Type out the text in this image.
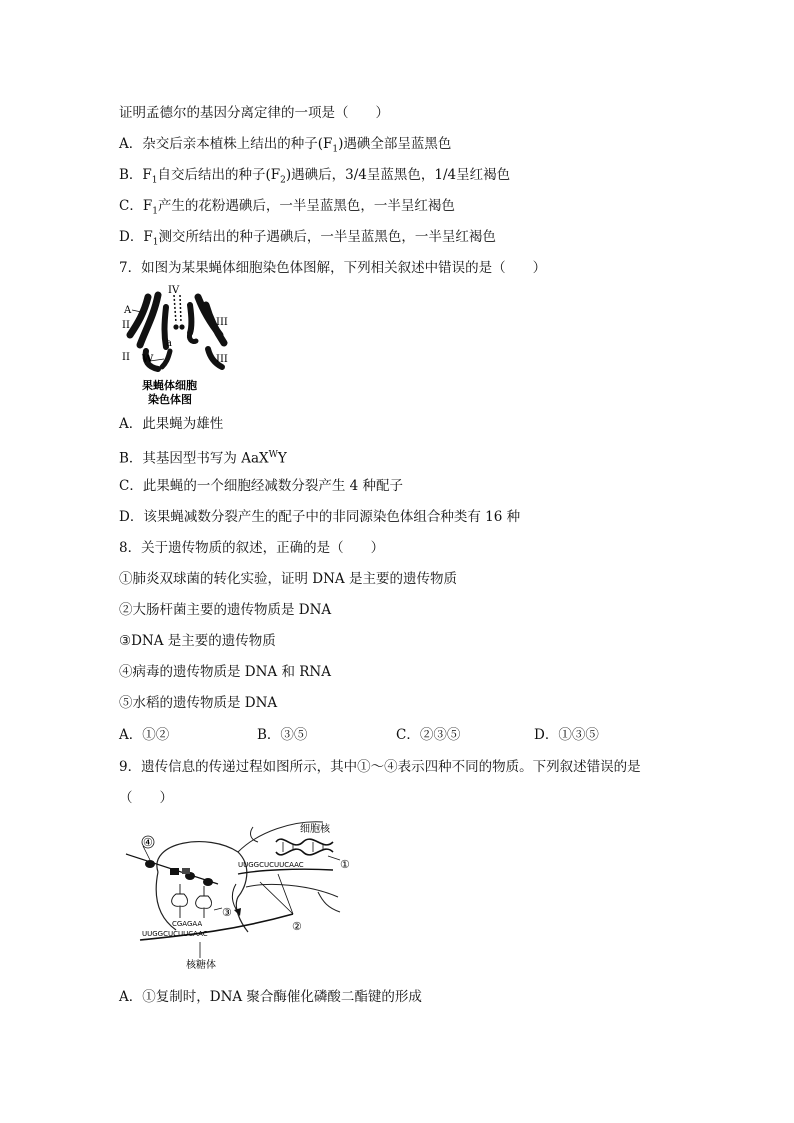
证明孟德尔的基因分离定律的一项是（　　）
A．杂交后亲本植株上结出的种子$(F_1)$遇碘全部呈蓝黑色
B．$F_1$自交后结出的种子$(F_2)$遇碘后，3/4呈蓝黑色，1/4呈红褐色
C．$F_1$产生的花粉遇碘后，一半呈蓝黑色，一半呈红褐色
D．$F_1$测交所结出的种子遇碘后，一半呈蓝黑色，一半呈红褐色
7．如图为某果蝇体细胞染色体图解，下列相关叙述中错误的是（　　）
IV
II
A
III
II W
a
III
果蝇体细胞
染色体图
A．此果蝇为雄性
B．其基因型书写为 AaX$^W$Y
C．此果蝇的一个细胞经减数分裂产生 4 种配子
D．该果蝇减数分裂产生的配子中的非同源染色体组合种类有 16 种
8．关于遗传物质的叙述，正确的是（　　）
①肺炎双球菌的转化实验，证明 DNA 是主要的遗传物质
②大肠杆菌主要的遗传物质是 DNA
③DNA 是主要的遗传物质
④病毒的遗传物质是 DNA 和 RNA
⑤水稻的遗传物质是 DNA
A．①②	B．③⑤	C．②③⑤	D．①③⑤
9．遗传信息的传递过程如图所示，其中①～④表示四种不同的物质。下列叙述错误的是
（　　）
细胞核
①
②
③
④
UUGGCUCUUCAAC
UUGGCUCUUCAAC
CGAGAA
核糖体
A．①复制时，DNA 聚合酶催化磷酸二酯键的形成
